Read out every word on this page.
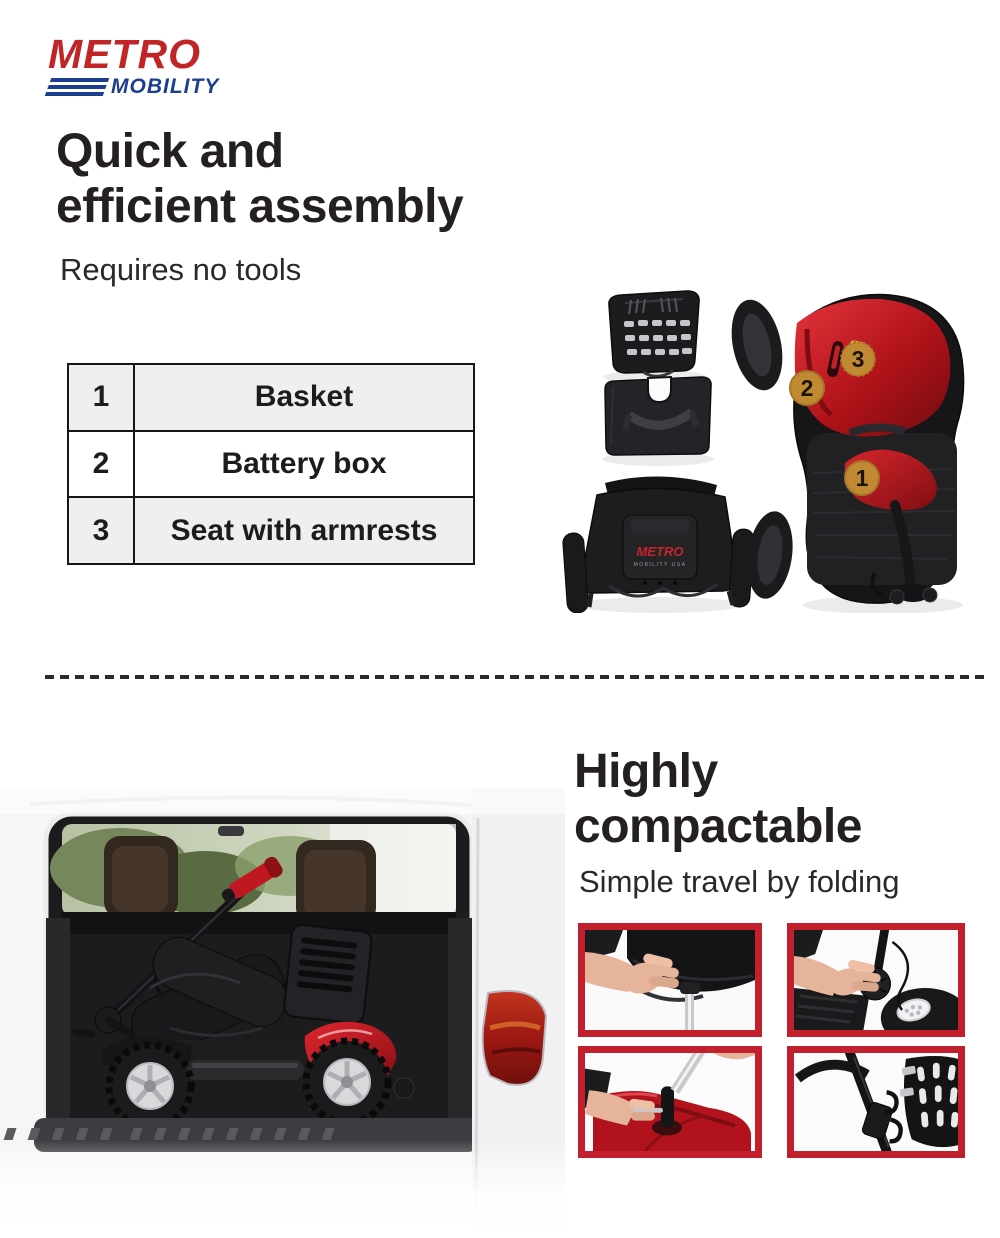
METRO
MOBILITY
Quick and
efficient assembly
Requires no tools
1	Basket
2	Battery box
3	Seat with armrests
METRO
MOBILITY USA
3
2
1
Highly
compactable
Simple travel by folding
